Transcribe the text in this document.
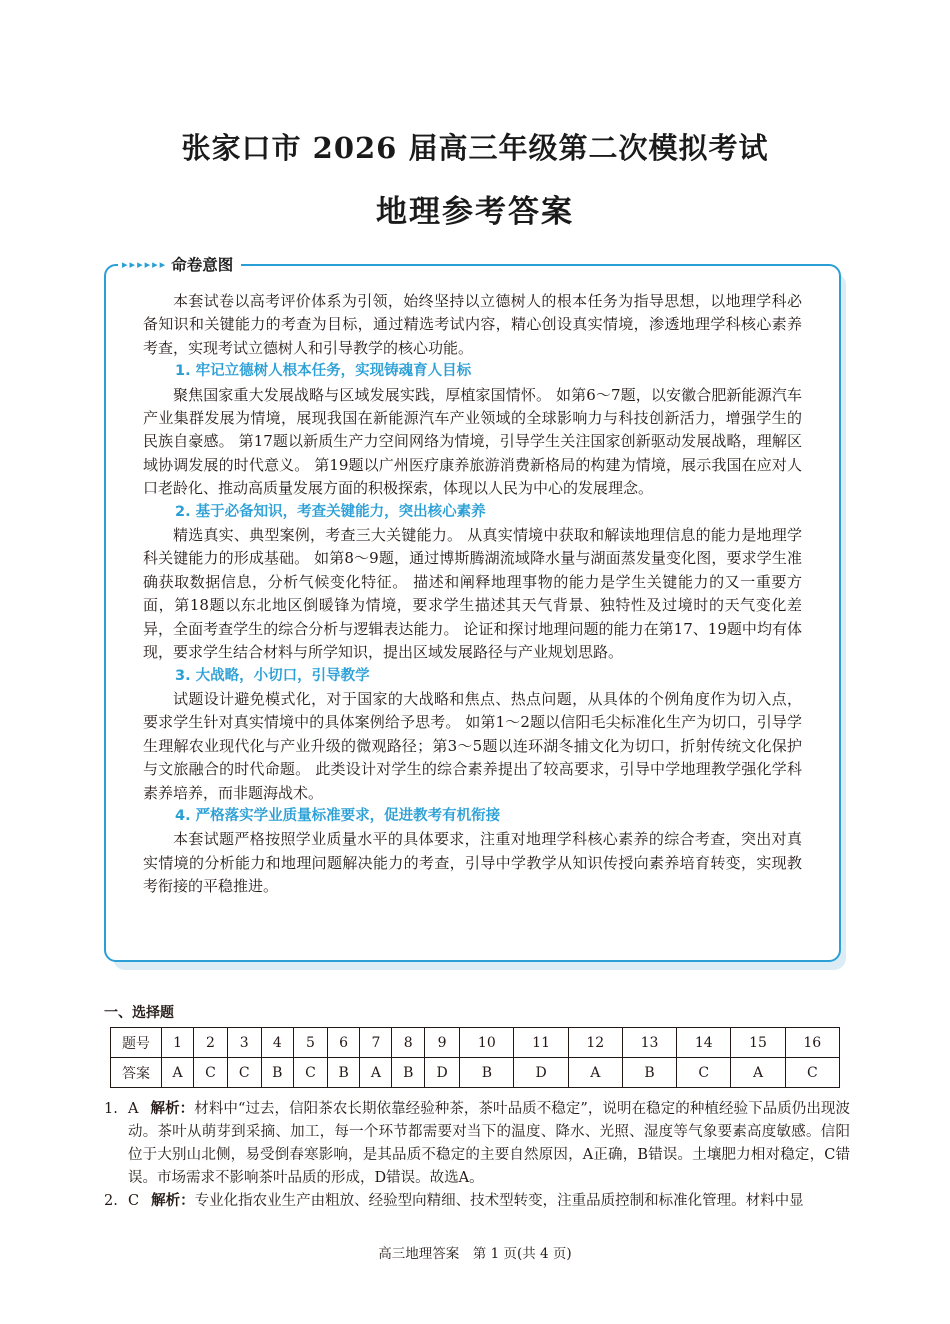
张家口市 2026 届高三年级第二次模拟考试
地理参考答案
▸ ▸ ▸ ▸ ▸ ▸ 命卷意图

本套试卷以高考评价体系为引领，始终坚持以立德树人的根本任务为指导思想，以地理学科必备知识和关键能力的考查为目标，通过精选考试内容，精心创设真实情境，渗透地理学科核心素养考查，实现考试立德树人和引导教学的核心功能。

1. 牢记立德树人根本任务，实现铸魂育人目标

聚焦国家重大发展战略与区域发展实践，厚植家国情怀。 如第6～7题，以安徽合肥新能源汽车产业集群发展为情境，展现我国在新能源汽车产业领域的全球影响力与科技创新活力，增强学生的民族自豪感。 第17题以新质生产力空间网络为情境，引导学生关注国家创新驱动发展战略，理解区域协调发展的时代意义。 第19题以广州医疗康养旅游消费新格局的构建为情境，展示我国在应对人口老龄化、推动高质量发展方面的积极探索，体现以人民为中心的发展理念。

2. 基于必备知识，考查关键能力，突出核心素养

精选真实、典型案例，考查三大关键能力。 从真实情境中获取和解读地理信息的能力是地理学科关键能力的形成基础。 如第8～9题，通过博斯腾湖流域降水量与湖面蒸发量变化图，要求学生准确获取数据信息，分析气候变化特征。 描述和阐释地理事物的能力是学生关键能力的又一重要方面，第18题以东北地区倒暖锋为情境，要求学生描述其天气背景、独特性及过境时的天气变化差异，全面考查学生的综合分析与逻辑表达能力。 论证和探讨地理问题的能力在第17、19题中均有体现，要求学生结合材料与所学知识，提出区域发展路径与产业规划思路。

3. 大战略，小切口，引导教学

试题设计避免模式化，对于国家的大战略和焦点、热点问题，从具体的个例角度作为切入点，要求学生针对真实情境中的具体案例给予思考。 如第1～2题以信阳毛尖标准化生产为切口，引导学生理解农业现代化与产业升级的微观路径；第3～5题以连环湖冬捕文化为切口，折射传统文化保护与文旅融合的时代命题。 此类设计对学生的综合素养提出了较高要求，引导中学地理教学强化学科素养培养，而非题海战术。

4. 严格落实学业质量标准要求，促进教考有机衔接

本套试题严格按照学业质量水平的具体要求，注重对地理学科核心素养的综合考查，突出对真实情境的分析能力和地理问题解决能力的考查，引导中学教学从知识传授向素养培育转变，实现教考衔接的平稳推进。

一、选择题
题号	1	2	3	4	5	6	7	8	9	10	11	12	13	14	15	16
答案	A	C	C	B	C	B	A	B	D	B	D	A	B	C	A	C
1. A 解析：材料中“过去，信阳茶农长期依靠经验种茶，茶叶品质不稳定”，说明在稳定的种植经验下品质仍出现波动。茶叶从萌芽到采摘、加工，每一个环节都需要对当下的温度、降水、光照、湿度等气象要素高度敏感。信阳位于大别山北侧，易受倒春寒影响，是其品质不稳定的主要自然原因，A正确，B错误。土壤肥力相对稳定，C错误。市场需求不影响茶叶品质的形成，D错误。故选A。
2. C 解析：专业化指农业生产由粗放、经验型向精细、技术型转变，注重品质控制和标准化管理。材料中显
高三地理答案　第 1 页(共 4 页)
